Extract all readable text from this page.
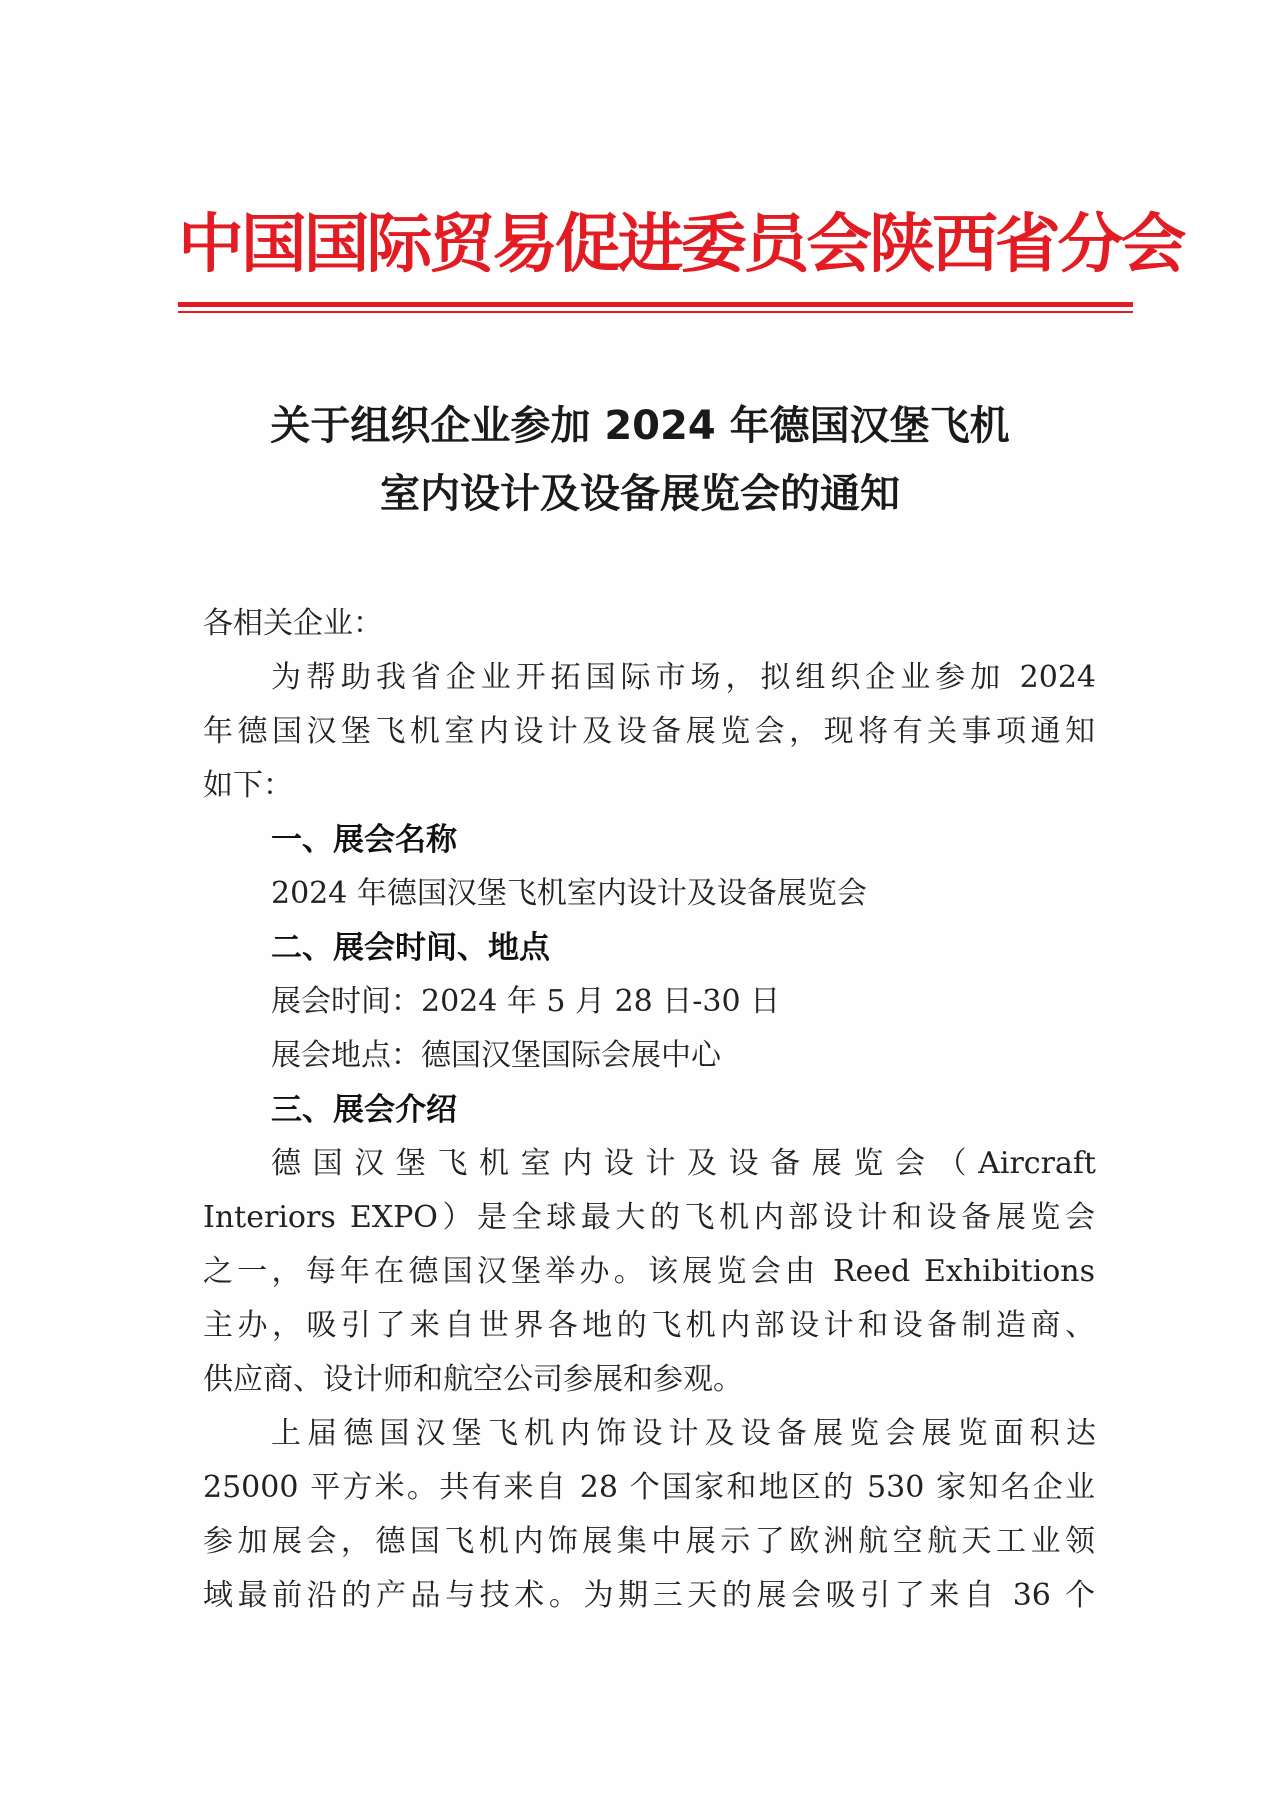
中国国际贸易促进委员会陕西省分会
关于组织企业参加 2024 年德国汉堡飞机
室内设计及设备展览会的通知
各相关企业：
为帮助我省企业开拓国际市场，拟组织企业参加 2024
年德国汉堡飞机室内设计及设备展览会，现将有关事项通知
如下：
一、展会名称
2024 年德国汉堡飞机室内设计及设备展览会
二、展会时间、地点
展会时间：2024 年 5 月 28 日-30 日
展会地点：德国汉堡国际会展中心
三、展会介绍
德国汉堡飞机室内设计及设备展览会（Aircraft
Interiors EXPO）是全球最大的飞机内部设计和设备展览会
之一，每年在德国汉堡举办。该展览会由 Reed Exhibitions
主办，吸引了来自世界各地的飞机内部设计和设备制造商、
供应商、设计师和航空公司参展和参观。
上届德国汉堡飞机内饰设计及设备展览会展览面积达
25000 平方米。共有来自 28 个国家和地区的 530 家知名企业
参加展会，德国飞机内饰展集中展示了欧洲航空航天工业领
域最前沿的产品与技术。为期三天的展会吸引了来自 36 个
